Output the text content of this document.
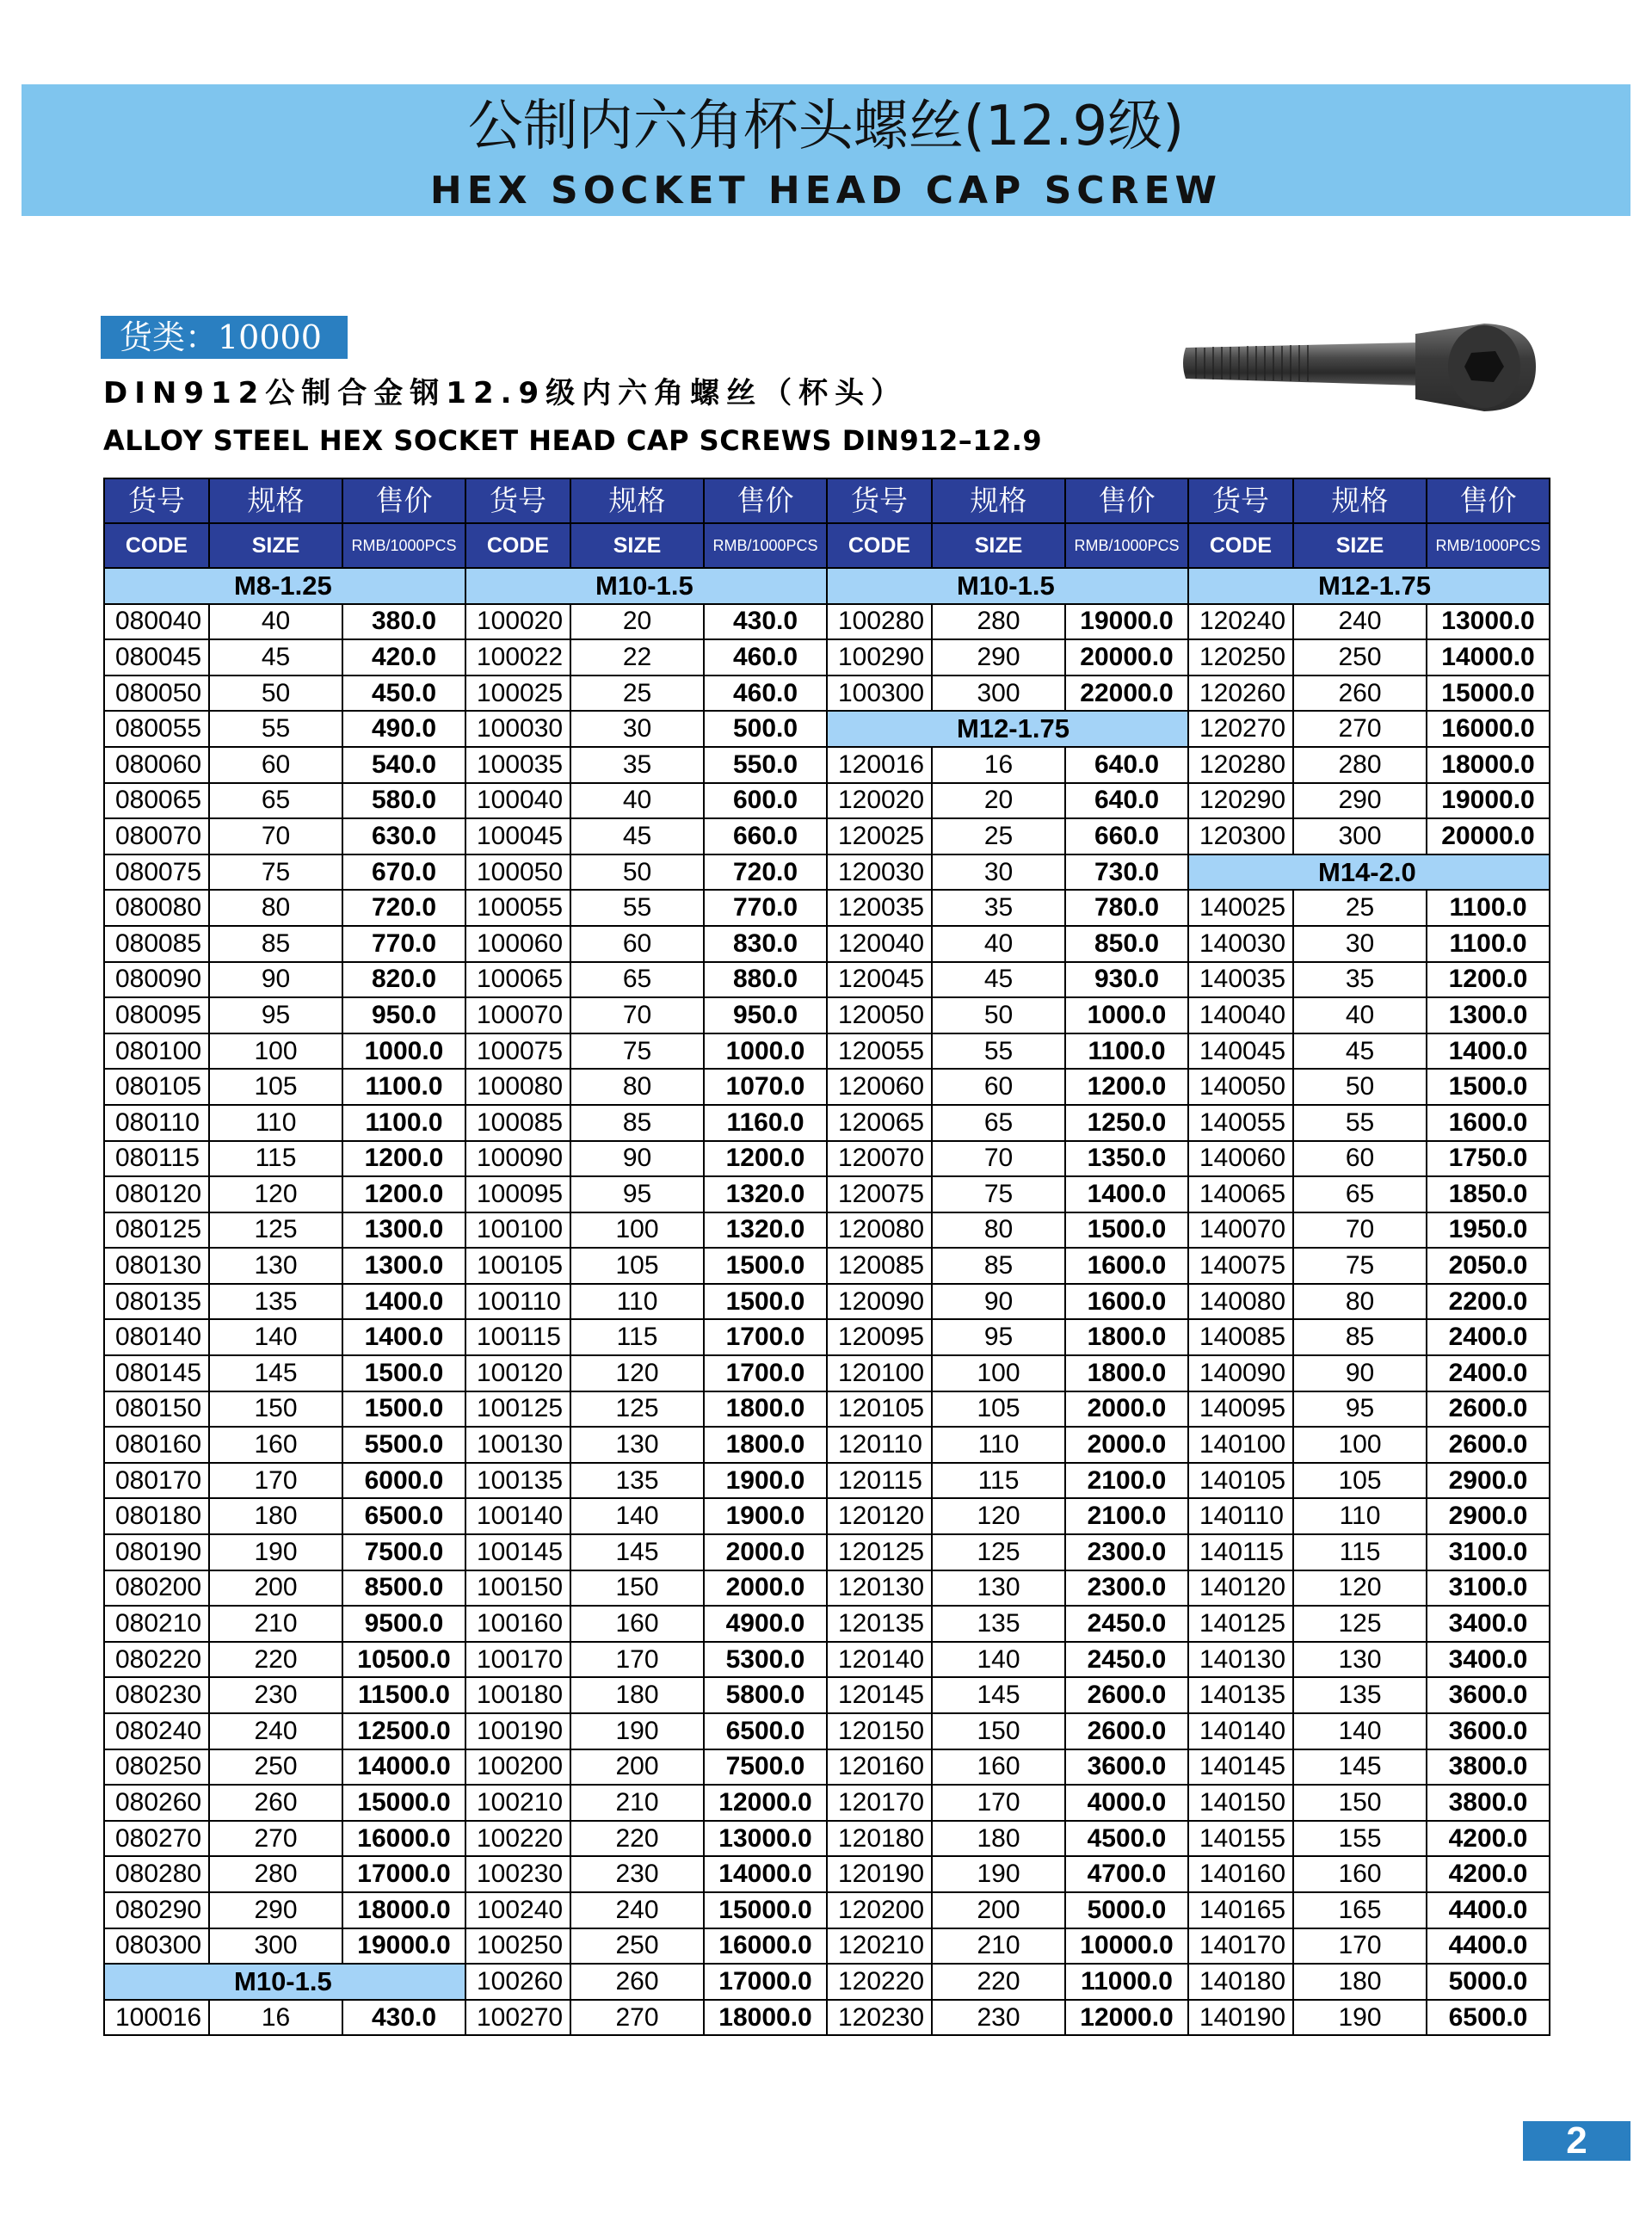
公制内六角杯头螺丝(12.9级)
HEX SOCKET HEAD CAP SCREW
货类：10000
DIN912公制合金钢12.9级内六角螺丝（杯头）
ALLOY STEEL HEX SOCKET HEAD CAP SCREWS DIN912–12.9
货号	规格	售价	货号	规格	售价	货号	规格	售价	货号	规格	售价
CODE	SIZE	RMB/1000PCS	CODE	SIZE	RMB/1000PCS	CODE	SIZE	RMB/1000PCS	CODE	SIZE	RMB/1000PCS
M8-1.25			M10-1.5			M10-1.5			M12-1.75		
080040	40	380.0	100020	20	430.0	100280	280	19000.0	120240	240	13000.0
080045	45	420.0	100022	22	460.0	100290	290	20000.0	120250	250	14000.0
080050	50	450.0	100025	25	460.0	100300	300	22000.0	120260	260	15000.0
080055	55	490.0	100030	30	500.0	M12-1.75			120270	270	16000.0
080060	60	540.0	100035	35	550.0	120016	16	640.0	120280	280	18000.0
080065	65	580.0	100040	40	600.0	120020	20	640.0	120290	290	19000.0
080070	70	630.0	100045	45	660.0	120025	25	660.0	120300	300	20000.0
080075	75	670.0	100050	50	720.0	120030	30	730.0	M14-2.0		
080080	80	720.0	100055	55	770.0	120035	35	780.0	140025	25	1100.0
080085	85	770.0	100060	60	830.0	120040	40	850.0	140030	30	1100.0
080090	90	820.0	100065	65	880.0	120045	45	930.0	140035	35	1200.0
080095	95	950.0	100070	70	950.0	120050	50	1000.0	140040	40	1300.0
080100	100	1000.0	100075	75	1000.0	120055	55	1100.0	140045	45	1400.0
080105	105	1100.0	100080	80	1070.0	120060	60	1200.0	140050	50	1500.0
080110	110	1100.0	100085	85	1160.0	120065	65	1250.0	140055	55	1600.0
080115	115	1200.0	100090	90	1200.0	120070	70	1350.0	140060	60	1750.0
080120	120	1200.0	100095	95	1320.0	120075	75	1400.0	140065	65	1850.0
080125	125	1300.0	100100	100	1320.0	120080	80	1500.0	140070	70	1950.0
080130	130	1300.0	100105	105	1500.0	120085	85	1600.0	140075	75	2050.0
080135	135	1400.0	100110	110	1500.0	120090	90	1600.0	140080	80	2200.0
080140	140	1400.0	100115	115	1700.0	120095	95	1800.0	140085	85	2400.0
080145	145	1500.0	100120	120	1700.0	120100	100	1800.0	140090	90	2400.0
080150	150	1500.0	100125	125	1800.0	120105	105	2000.0	140095	95	2600.0
080160	160	5500.0	100130	130	1800.0	120110	110	2000.0	140100	100	2600.0
080170	170	6000.0	100135	135	1900.0	120115	115	2100.0	140105	105	2900.0
080180	180	6500.0	100140	140	1900.0	120120	120	2100.0	140110	110	2900.0
080190	190	7500.0	100145	145	2000.0	120125	125	2300.0	140115	115	3100.0
080200	200	8500.0	100150	150	2000.0	120130	130	2300.0	140120	120	3100.0
080210	210	9500.0	100160	160	4900.0	120135	135	2450.0	140125	125	3400.0
080220	220	10500.0	100170	170	5300.0	120140	140	2450.0	140130	130	3400.0
080230	230	11500.0	100180	180	5800.0	120145	145	2600.0	140135	135	3600.0
080240	240	12500.0	100190	190	6500.0	120150	150	2600.0	140140	140	3600.0
080250	250	14000.0	100200	200	7500.0	120160	160	3600.0	140145	145	3800.0
080260	260	15000.0	100210	210	12000.0	120170	170	4000.0	140150	150	3800.0
080270	270	16000.0	100220	220	13000.0	120180	180	4500.0	140155	155	4200.0
080280	280	17000.0	100230	230	14000.0	120190	190	4700.0	140160	160	4200.0
080290	290	18000.0	100240	240	15000.0	120200	200	5000.0	140165	165	4400.0
080300	300	19000.0	100250	250	16000.0	120210	210	10000.0	140170	170	4400.0
M10-1.5			100260	260	17000.0	120220	220	11000.0	140180	180	5000.0
100016	16	430.0	100270	270	18000.0	120230	230	12000.0	140190	190	6500.0
2
